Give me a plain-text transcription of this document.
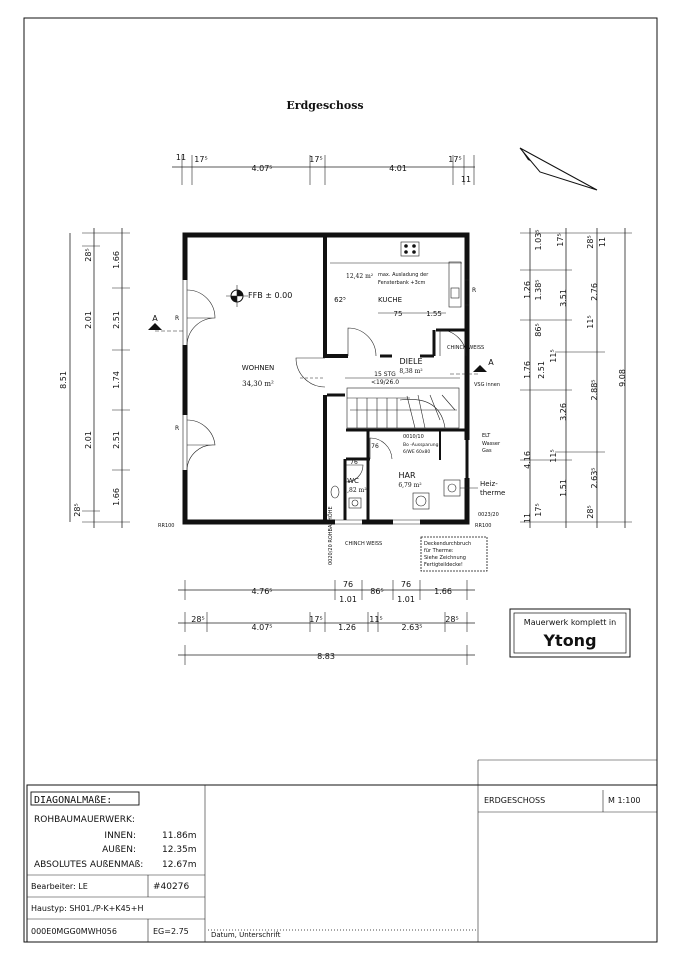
Erdgeschoss
11 17⁵
4.07⁵
17⁵
4.01
17⁵
11
28⁵ 1.66
2.01 2.51
1.74
2.01 2.51
1.66
28⁵
8.51
1.03⁵ 17⁵
1.26 1.38⁵
28⁵ 11
2.76
3.51
86⁵
11⁵
1.76 2.51
11⁵
2.88⁵
9.08
3.26
4.16 11⁵
1.51	2.63⁵
11
17⁵	28⁵
FFB ± 0.00
A
A
12,42 m² max. Ausladung der
Fensterbank +3cm
KUCHE
WOHNEN
34,30 m²
DIELE
8,38 m²
WC
1,82 m²
HAR
6,79 m²
15 STG
<19/26.0
62⁵
75	1.55
76
76
CHINCH WEISS
VSG innen
ELT
Wasser
Gas
Heiz-
therme
0010/10
Bo -Aussparung
6/WE 60x80
RR100	RR100
0023/20
0020/20 ROHBAUHÖHE CHINCH WEISS
R
R
R
Deckendurchbruch
für Therme:
Siehe Zeichnung
Fertigteildecke!
4.76⁵
76
1.01
86⁵
76
1.01
1.66
28⁵
4.07⁵
17⁵
1.26
11⁵
2.63⁵
28⁵
8.83
Mauerwerk komplett in
Ytong
DIAGONALMAßE:
ROHBAUMAUERWERK:
INNEN:	11.86m
AUßEN:	12.35m
ABSOLUTES AUßENMAß: 12.67m
Bearbeiter: LE	#40276
Haustyp: SH01./P-K+K45+H
000E0MGG0MWH056	EG=2.75	Datum, Unterschrift
ERDGESCHOSS	M 1:100
